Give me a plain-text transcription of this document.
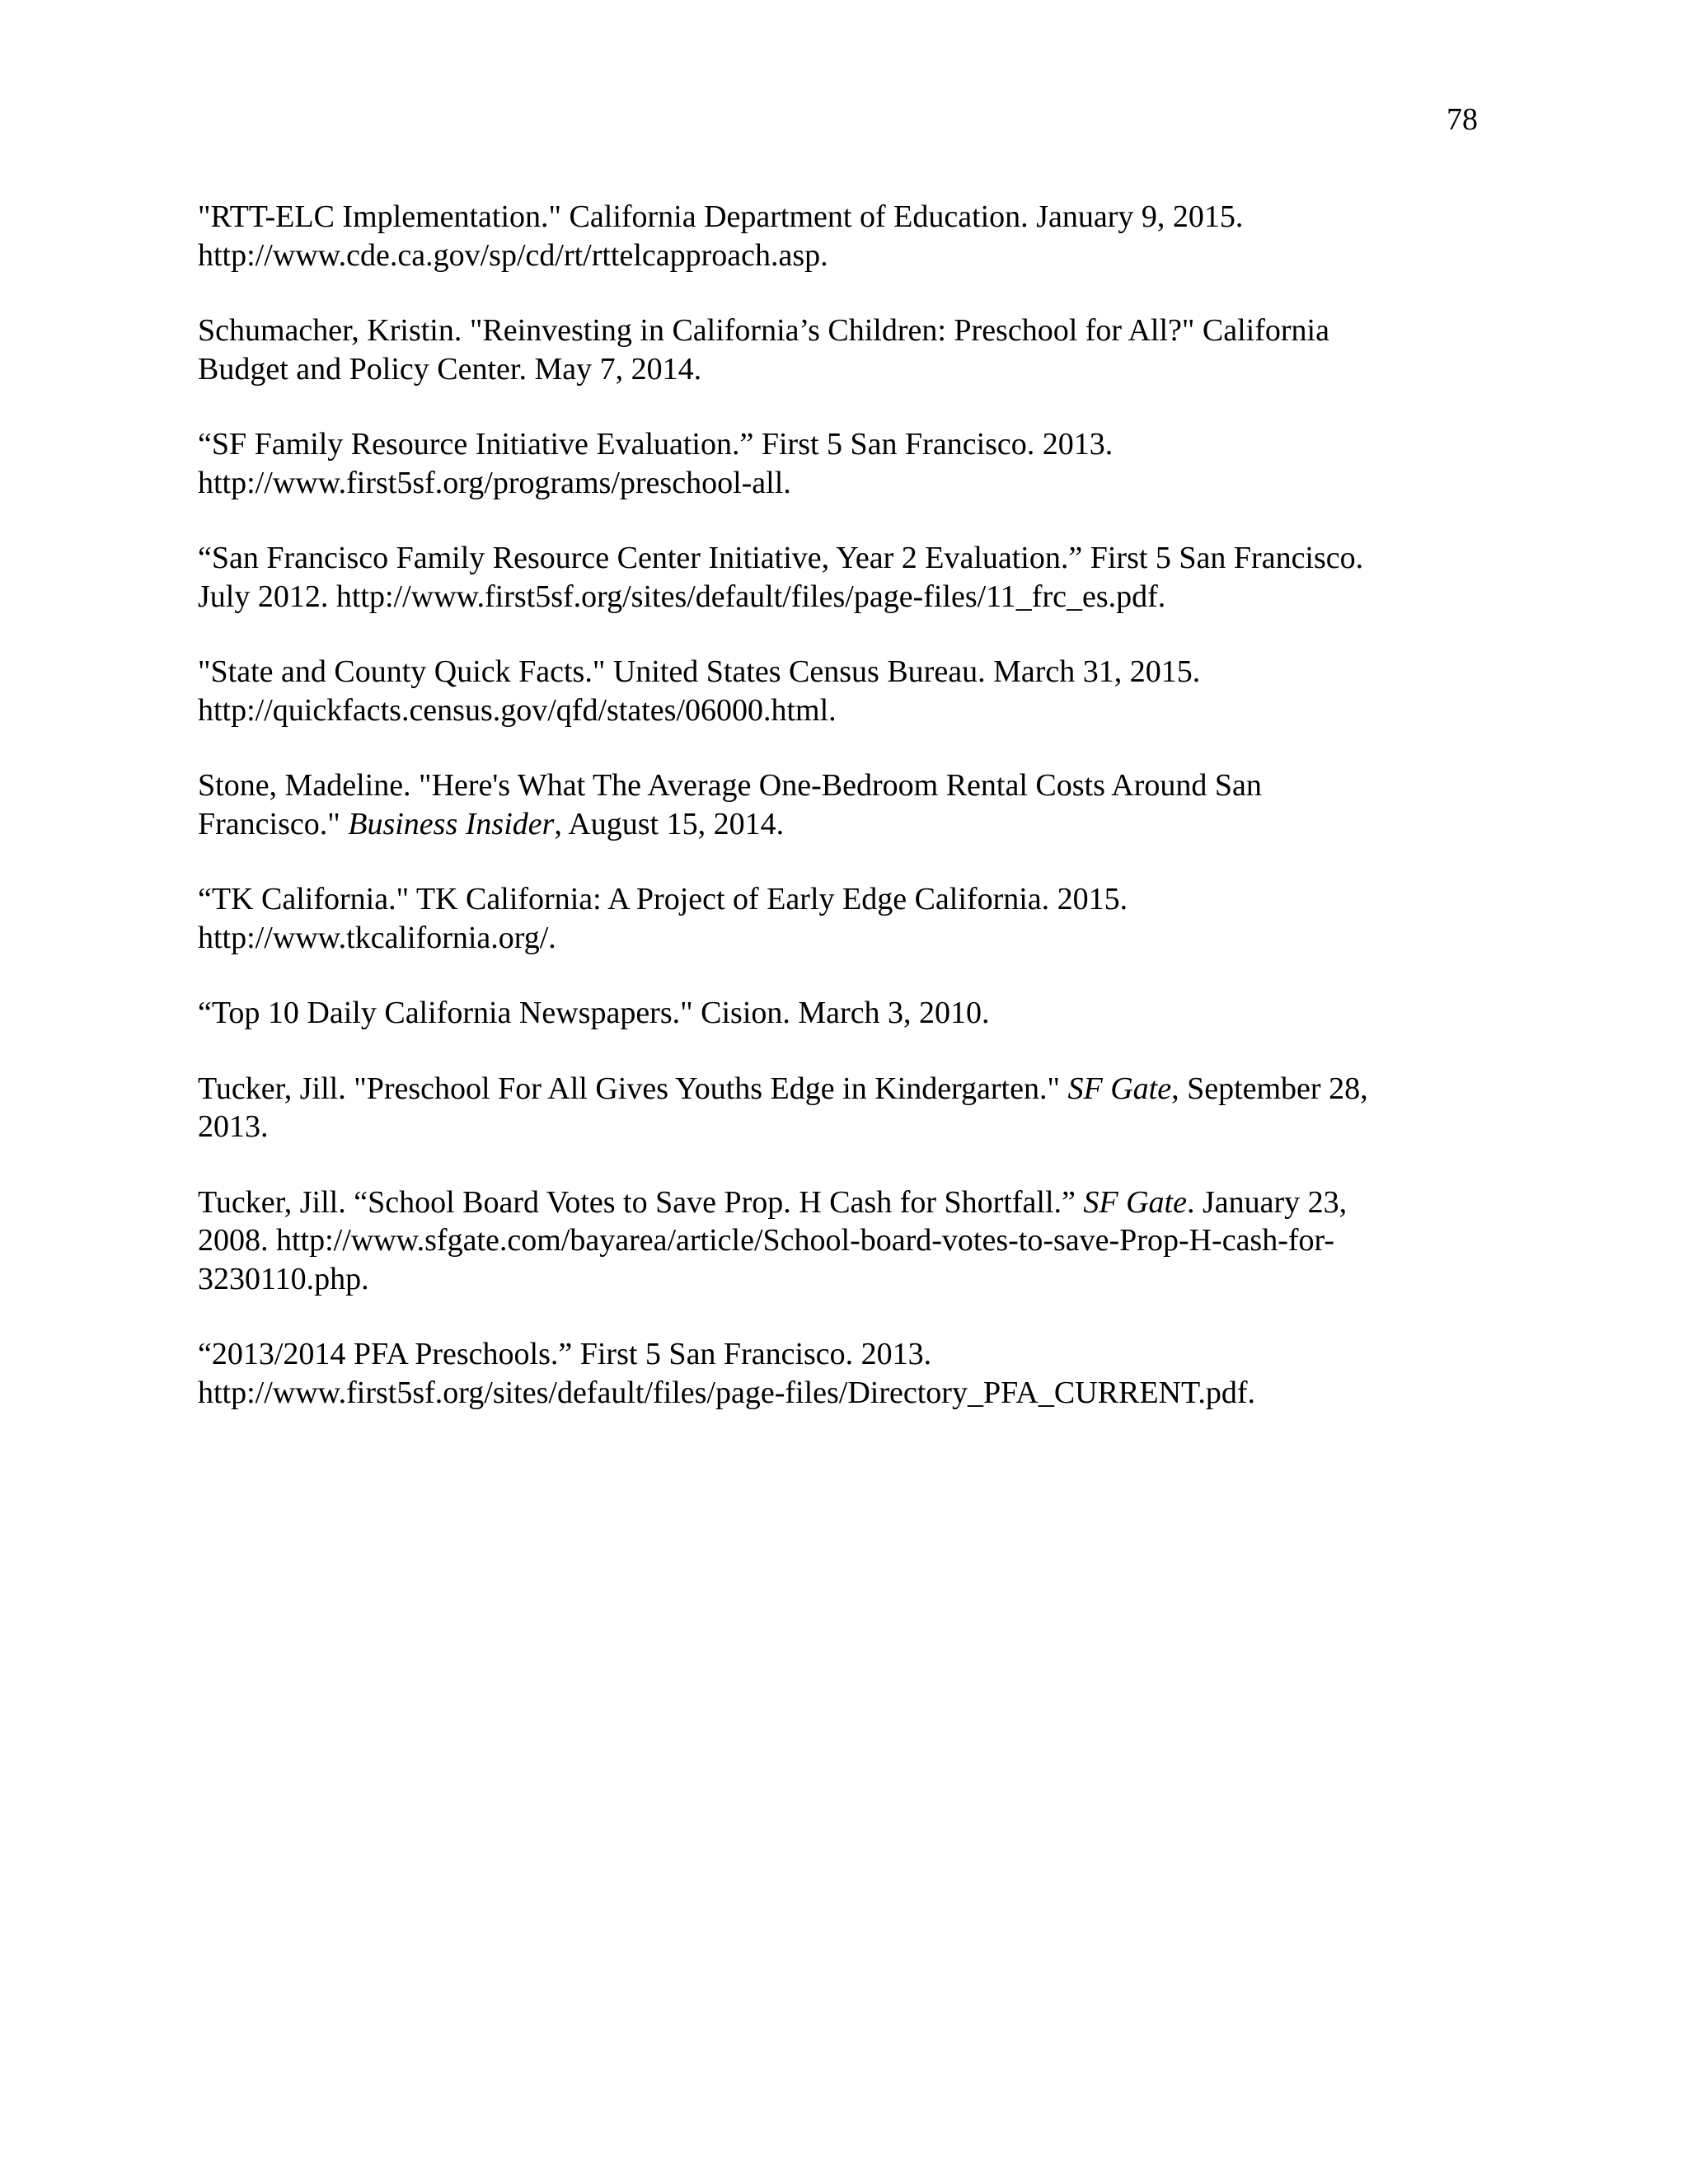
78

"RTT-ELC Implementation." California Department of Education. January 9, 2015.
http://www.cde.ca.gov/sp/cd/rt/rttelcapproach.asp.
Schumacher, Kristin. "Reinvesting in California’s Children: Preschool for All?" California
Budget and Policy Center. May 7, 2014.
“SF Family Resource Initiative Evaluation.” First 5 San Francisco. 2013.
http://www.first5sf.org/programs/preschool-all.
“San Francisco Family Resource Center Initiative, Year 2 Evaluation.” First 5 San Francisco.
July 2012. http://www.first5sf.org/sites/default/files/page-files/11_frc_es.pdf.
"State and County Quick Facts." United States Census Bureau. March 31, 2015.
http://quickfacts.census.gov/qfd/states/06000.html.
Stone, Madeline. "Here's What The Average One-Bedroom Rental Costs Around San
Francisco." Business Insider, August 15, 2014.
“TK California." TK California: A Project of Early Edge California. 2015.
http://www.tkcalifornia.org/.
“Top 10 Daily California Newspapers." Cision. March 3, 2010.
Tucker, Jill. "Preschool For All Gives Youths Edge in Kindergarten." SF Gate, September 28,
2013.
Tucker, Jill. “School Board Votes to Save Prop. H Cash for Shortfall.” SF Gate. January 23,
2008. http://www.sfgate.com/bayarea/article/School-board-votes-to-save-Prop-H-cash-for-
3230110.php.
“2013/2014 PFA Preschools.” First 5 San Francisco. 2013.
http://www.first5sf.org/sites/default/files/page-files/Directory_PFA_CURRENT.pdf.
